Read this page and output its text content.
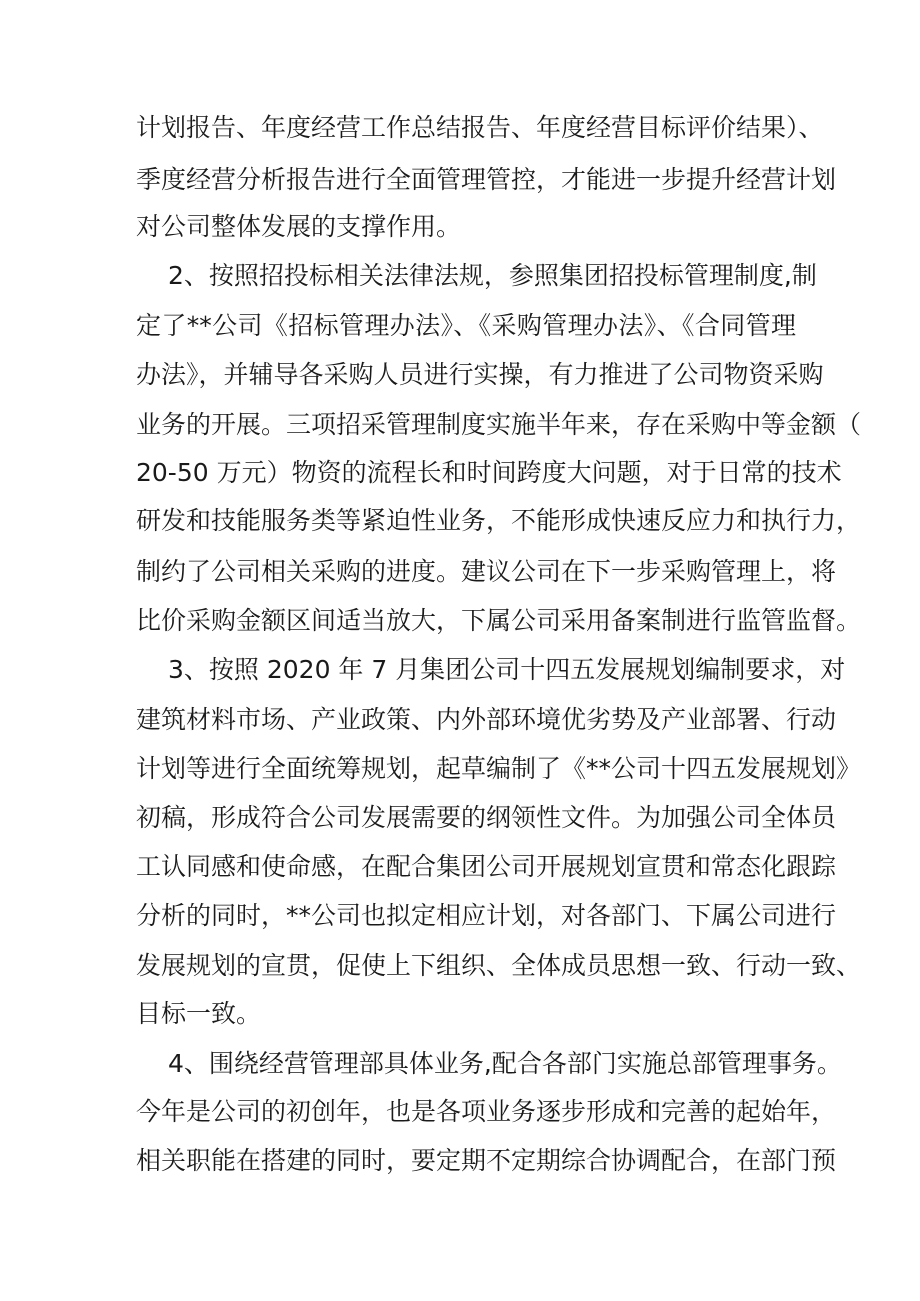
计划报告、年度经营工作总结报告、年度经营目标评价结果）、
季度经营分析报告进行全面管理管控，才能进一步提升经营计划
对公司整体发展的支撑作用。
2、按照招投标相关法律法规，参照集团招投标管理制度,制
定了**公司《招标管理办法》、《采购管理办法》、《合同管理
办法》，并辅导各采购人员进行实操，有力推进了公司物资采购
业务的开展。三项招采管理制度实施半年来，存在采购中等金额（
20-50 万元）物资的流程长和时间跨度大问题，对于日常的技术
研发和技能服务类等紧迫性业务，不能形成快速反应力和执行力，
制约了公司相关采购的进度。建议公司在下一步采购管理上，将
比价采购金额区间适当放大，下属公司采用备案制进行监管监督。
3、按照 2020 年 7 月集团公司十四五发展规划编制要求，对
建筑材料市场、产业政策、内外部环境优劣势及产业部署、行动
计划等进行全面统筹规划，起草编制了《**公司十四五发展规划》
初稿，形成符合公司发展需要的纲领性文件。为加强公司全体员
工认同感和使命感，在配合集团公司开展规划宣贯和常态化跟踪
分析的同时，**公司也拟定相应计划，对各部门、下属公司进行
发展规划的宣贯，促使上下组织、全体成员思想一致、行动一致、
目标一致。
4、围绕经营管理部具体业务,配合各部门实施总部管理事务。
今年是公司的初创年，也是各项业务逐步形成和完善的起始年，
相关职能在搭建的同时，要定期不定期综合协调配合，在部门预
